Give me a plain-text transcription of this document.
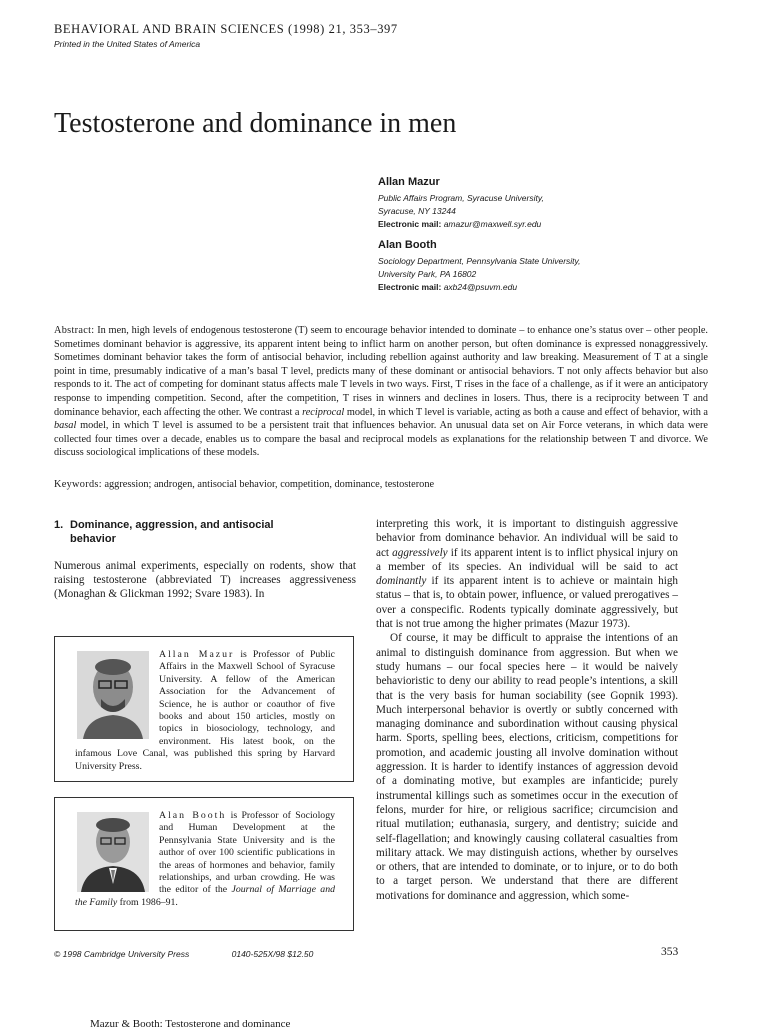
BEHAVIORAL AND BRAIN SCIENCES (1998) 21, 353–397
Printed in the United States of America
Testosterone and dominance in men
Allan Mazur
Public Affairs Program, Syracuse University,
Syracuse, NY 13244
Electronic mail: amazur@maxwell.syr.edu
Alan Booth
Sociology Department, Pennsylvania State University,
University Park, PA 16802
Electronic mail: axb24@psuvm.edu
Abstract: In men, high levels of endogenous testosterone (T) seem to encourage behavior intended to dominate – to enhance one’s status over – other people. Sometimes dominant behavior is aggressive, its apparent intent being to inflict harm on another person, but often dominance is expressed nonaggressively. Sometimes dominant behavior takes the form of antisocial behavior, including rebellion against authority and law breaking. Measurement of T at a single point in time, presumably indicative of a man’s basal T level, predicts many of these dominant or antisocial behaviors. T not only affects behavior but also responds to it. The act of competing for dominant status affects male T levels in two ways. First, T rises in the face of a challenge, as if it were an anticipatory response to impending competition. Second, after the competition, T rises in winners and declines in losers. Thus, there is a reciprocity between T and dominance behavior, each affecting the other. We contrast a reciprocal model, in which T level is variable, acting as both a cause and effect of behavior, with a basal model, in which T level is assumed to be a persistent trait that influences behavior. An unusual data set on Air Force veterans, in which data were collected four times over a decade, enables us to compare the basal and reciprocal models as explanations for the relationship between T and divorce. We discuss sociological implications of these models.
Keywords: aggression; androgen, antisocial behavior, competition, dominance, testosterone
1. Dominance, aggression, and antisocial
behavior
Numerous animal experiments, especially on rodents, show that raising testosterone (abbreviated T) increases aggressiveness (Monaghan & Glickman 1992; Svare 1983). In
Allan Mazur is Professor of Public Affairs in the Maxwell School of Syracuse University. A fellow of the American Association for the Advancement of Science, he is author or coauthor of five books and about 150 articles, mostly on topics in biosociology, technology, and environment. His latest book, on the infamous Love Canal, was published this spring by Harvard University Press.
Alan Booth is Professor of Sociology and Human Development at the Pennsylvania State University and is the author of over 100 scientific publications in the areas of hormones and behavior, family relationships, and urban crowding. He was the editor of the Journal of Marriage and the Family from 1986–91.

interpreting this work, it is important to distinguish aggressive behavior from dominance behavior. An individual will be said to act aggressively if its apparent intent is to inflict physical injury on a member of its species. An individual will be said to act dominantly if its apparent intent is to achieve or maintain high status – that is, to obtain power, influence, or valued prerogatives – over a conspecific. Rodents typically dominate aggressively, but that is not true among the higher primates (Mazur 1973).

Of course, it may be difficult to appraise the intentions of an animal to distinguish dominance from aggression. But when we study humans – our focal species here – it would be naively behavioristic to deny our ability to read people’s intentions, a skill that is the very basis for human sociability (see Gopnik 1993). Much interpersonal behavior is overtly or subtly concerned with managing dominance and subordination without causing physical harm. Sports, spelling bees, elections, criticism, competitions for promotion, and academic jousting all involve domination without aggression. It is harder to identify instances of aggression devoid of a dominating motive, but examples are infanticide; purely instrumental killings such as sometimes occur in the execution of felons, murder for hire, or religious sacrifice; circumcision and ritual mutilation; euthanasia, surgery, and dentistry; suicide and self-flagellation; and knowingly causing collateral casualties from military attack. We may distinguish actions, whether by ourselves or others, that are intended to dominate, or to injure, or to do both to a target person. We understand that there are different motivations for dominance and aggression, which some-

© 1998 Cambridge University Press	0140-525X/98 $12.50	353
Mazur & Booth: Testosterone and dominance
